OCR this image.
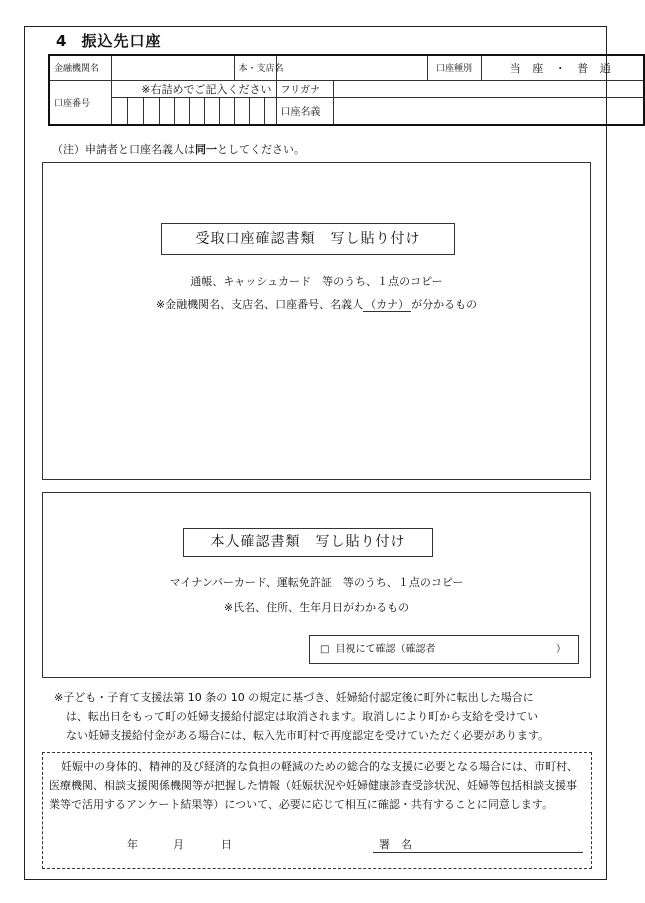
4 振込先口座
金融機関名									本・支店名					口座種別	当 座 ・ 普 通
口座番号	※右詰めでご記入ください											フリガナ			
												口座名義			
（注）申請者と口座名義人は同一としてください。
受取口座確認書類　写し貼り付け
通帳、キャッシュカード　等のうち、１点のコピー
※金融機関名、支店名、口座番号、名義人 （カナ） が分かるもの
本人確認書類　写し貼り付け
マイナンバーカード、運転免許証　等のうち、１点のコピー
※氏名、住所、生年月日がわかるもの
□ 目視にて確認（確認者	）
※子ども・子育て支援法第 10 条の 10 の規定に基づき、妊婦給付認定後に町外に転出した場合に
は、転出日をもって町の妊婦支援給付認定は取消されます。取消しにより町から支給を受けてい
ない妊婦支援給付金がある場合には、転入先市町村で再度認定を受けていただく必要があります。
妊娠中の身体的、精神的及び経済的な負担の軽減のための総合的な支援に必要となる場合には、市町村、医療機関、相談支援関係機関等が把握した情報（妊娠状況や妊婦健康診査受診状況、妊婦等包括相談支援事業等で活用するアンケート結果等）について、必要に応じて相互に確認・共有することに同意します。
年	月	日	署　名
